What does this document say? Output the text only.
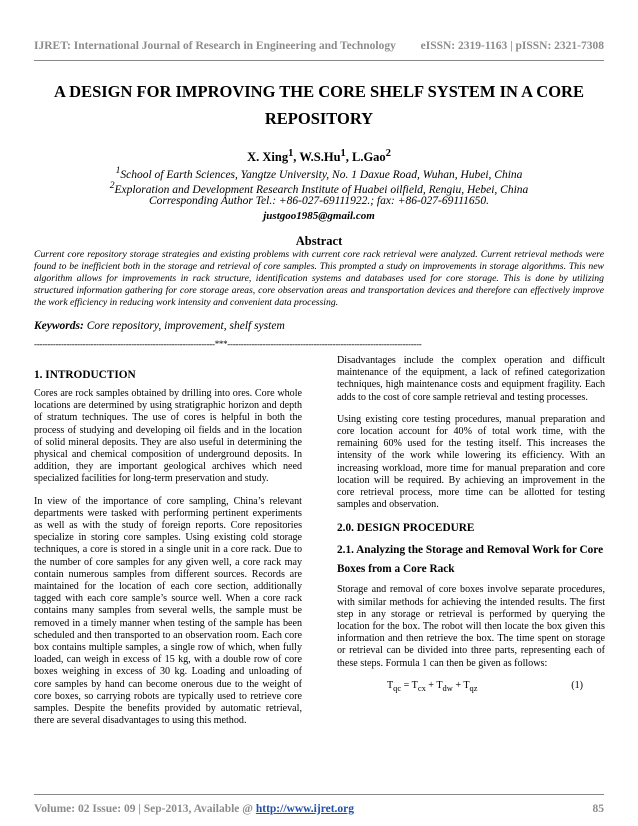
IJRET: International Journal of Research in Engineering and Technology eISSN: 2319-1163 | pISSN: 2321-7308
A DESIGN FOR IMPROVING THE CORE SHELF SYSTEM IN A CORE
REPOSITORY
X. Xing$^1$, W.S.Hu$^1$, L.Gao$^2$
$^1$School of Earth Sciences, Yangtze University, No. 1 Daxue Road, Wuhan, Hubei, China
$^2$Exploration and Development Research Institute of Huabei oilfield, Rengiu, Hebei, China
Corresponding Author Tel.: +86-027-69111922.; fax: +86-027-69111650.
justgoo1985@gmail.com
Abstract
Current core repository storage strategies and existing problems with current core rack retrieval were analyzed. Current retrieval methods were found to be inefficient both in the storage and retrieval of core samples. This prompted a study on improvements in storage algorithms. This new algorithm allows for improvements in rack structure, identification systems and databases used for core storage. This is done by utilizing structured information gathering for core storage areas, core observation areas and transportation devices and therefore can effectively improve the work efficiency in reducing work intensity and convenient data processing.
Keywords: Core repository, improvement, shelf system
-------------------------------------------------------------------***------------------------------------------------------------------------
1. INTRODUCTION

Cores are rock samples obtained by drilling into ores. Core whole locations are determined by using stratigraphic horizon and depth of stratum techniques. The use of cores is helpful in both the process of studying and developing oil fields and in the location of solid mineral deposits. They are also useful in determining the physical and chemical composition of underground deposits. In addition, they are important geological archives which need specialized facilities for long-term preservation and study.

In view of the importance of core sampling, China’s relevant departments were tasked with performing pertinent experiments as well as with the study of foreign reports. Core repositories specialize in storing core samples. Using existing cold storage techniques, a core is stored in a single unit in a core rack. Due to the number of core samples for any given well, a core rack may contain numerous samples from different sources. Records are maintained for the location of each core section, additionally tagged with each core sample’s source well. When a core rack contains many samples from several wells, the sample must be removed in a timely manner when testing of the sample has been scheduled and then transported to an observation room. Each core box contains multiple samples, a single row of which, when fully loaded, can weigh in excess of 15 kg, with a double row of core boxes weighing in excess of 30 kg. Loading and unloading of core samples by hand can become onerous due to the weight of core boxes, so carrying robots are typically used to retrieve core samples. Despite the benefits provided by automatic retrieval, there are several disadvantages to using this method.

Disadvantages include the complex operation and difficult maintenance of the equipment, a lack of refined categorization techniques, high maintenance costs and equipment fragility. Each adds to the cost of core sample retrieval and testing processes.

Using existing core testing procedures, manual preparation and core location account for 40% of total work time, with the remaining 60% used for the testing itself. This increases the intensity of the work while lowering its efficiency. With an increasing workload, more time for manual preparation and core location will be required. By achieving an improvement in the core retrieval process, more time can be allotted for testing samples and observation.

2.0. DESIGN PROCEDURE
2.1. Analyzing the Storage and Removal Work for Core Boxes from a Core Rack

Storage and removal of core boxes involve separate procedures, with similar methods for achieving the intended results. The first step in any storage or retrieval is performed by querying the location for the box. The robot will then locate the box given this information and then retrieve the box. The time spent on storage or retrieval can be divided into three parts, representing each of these steps. Formula 1 can then be given as follows:

$T_{qc} = T_{cx} + T_{dw} + T_{qz}$	(1)
Volume: 02 Issue: 09 | Sep-2013, Available @ http://www.ijret.org	85
